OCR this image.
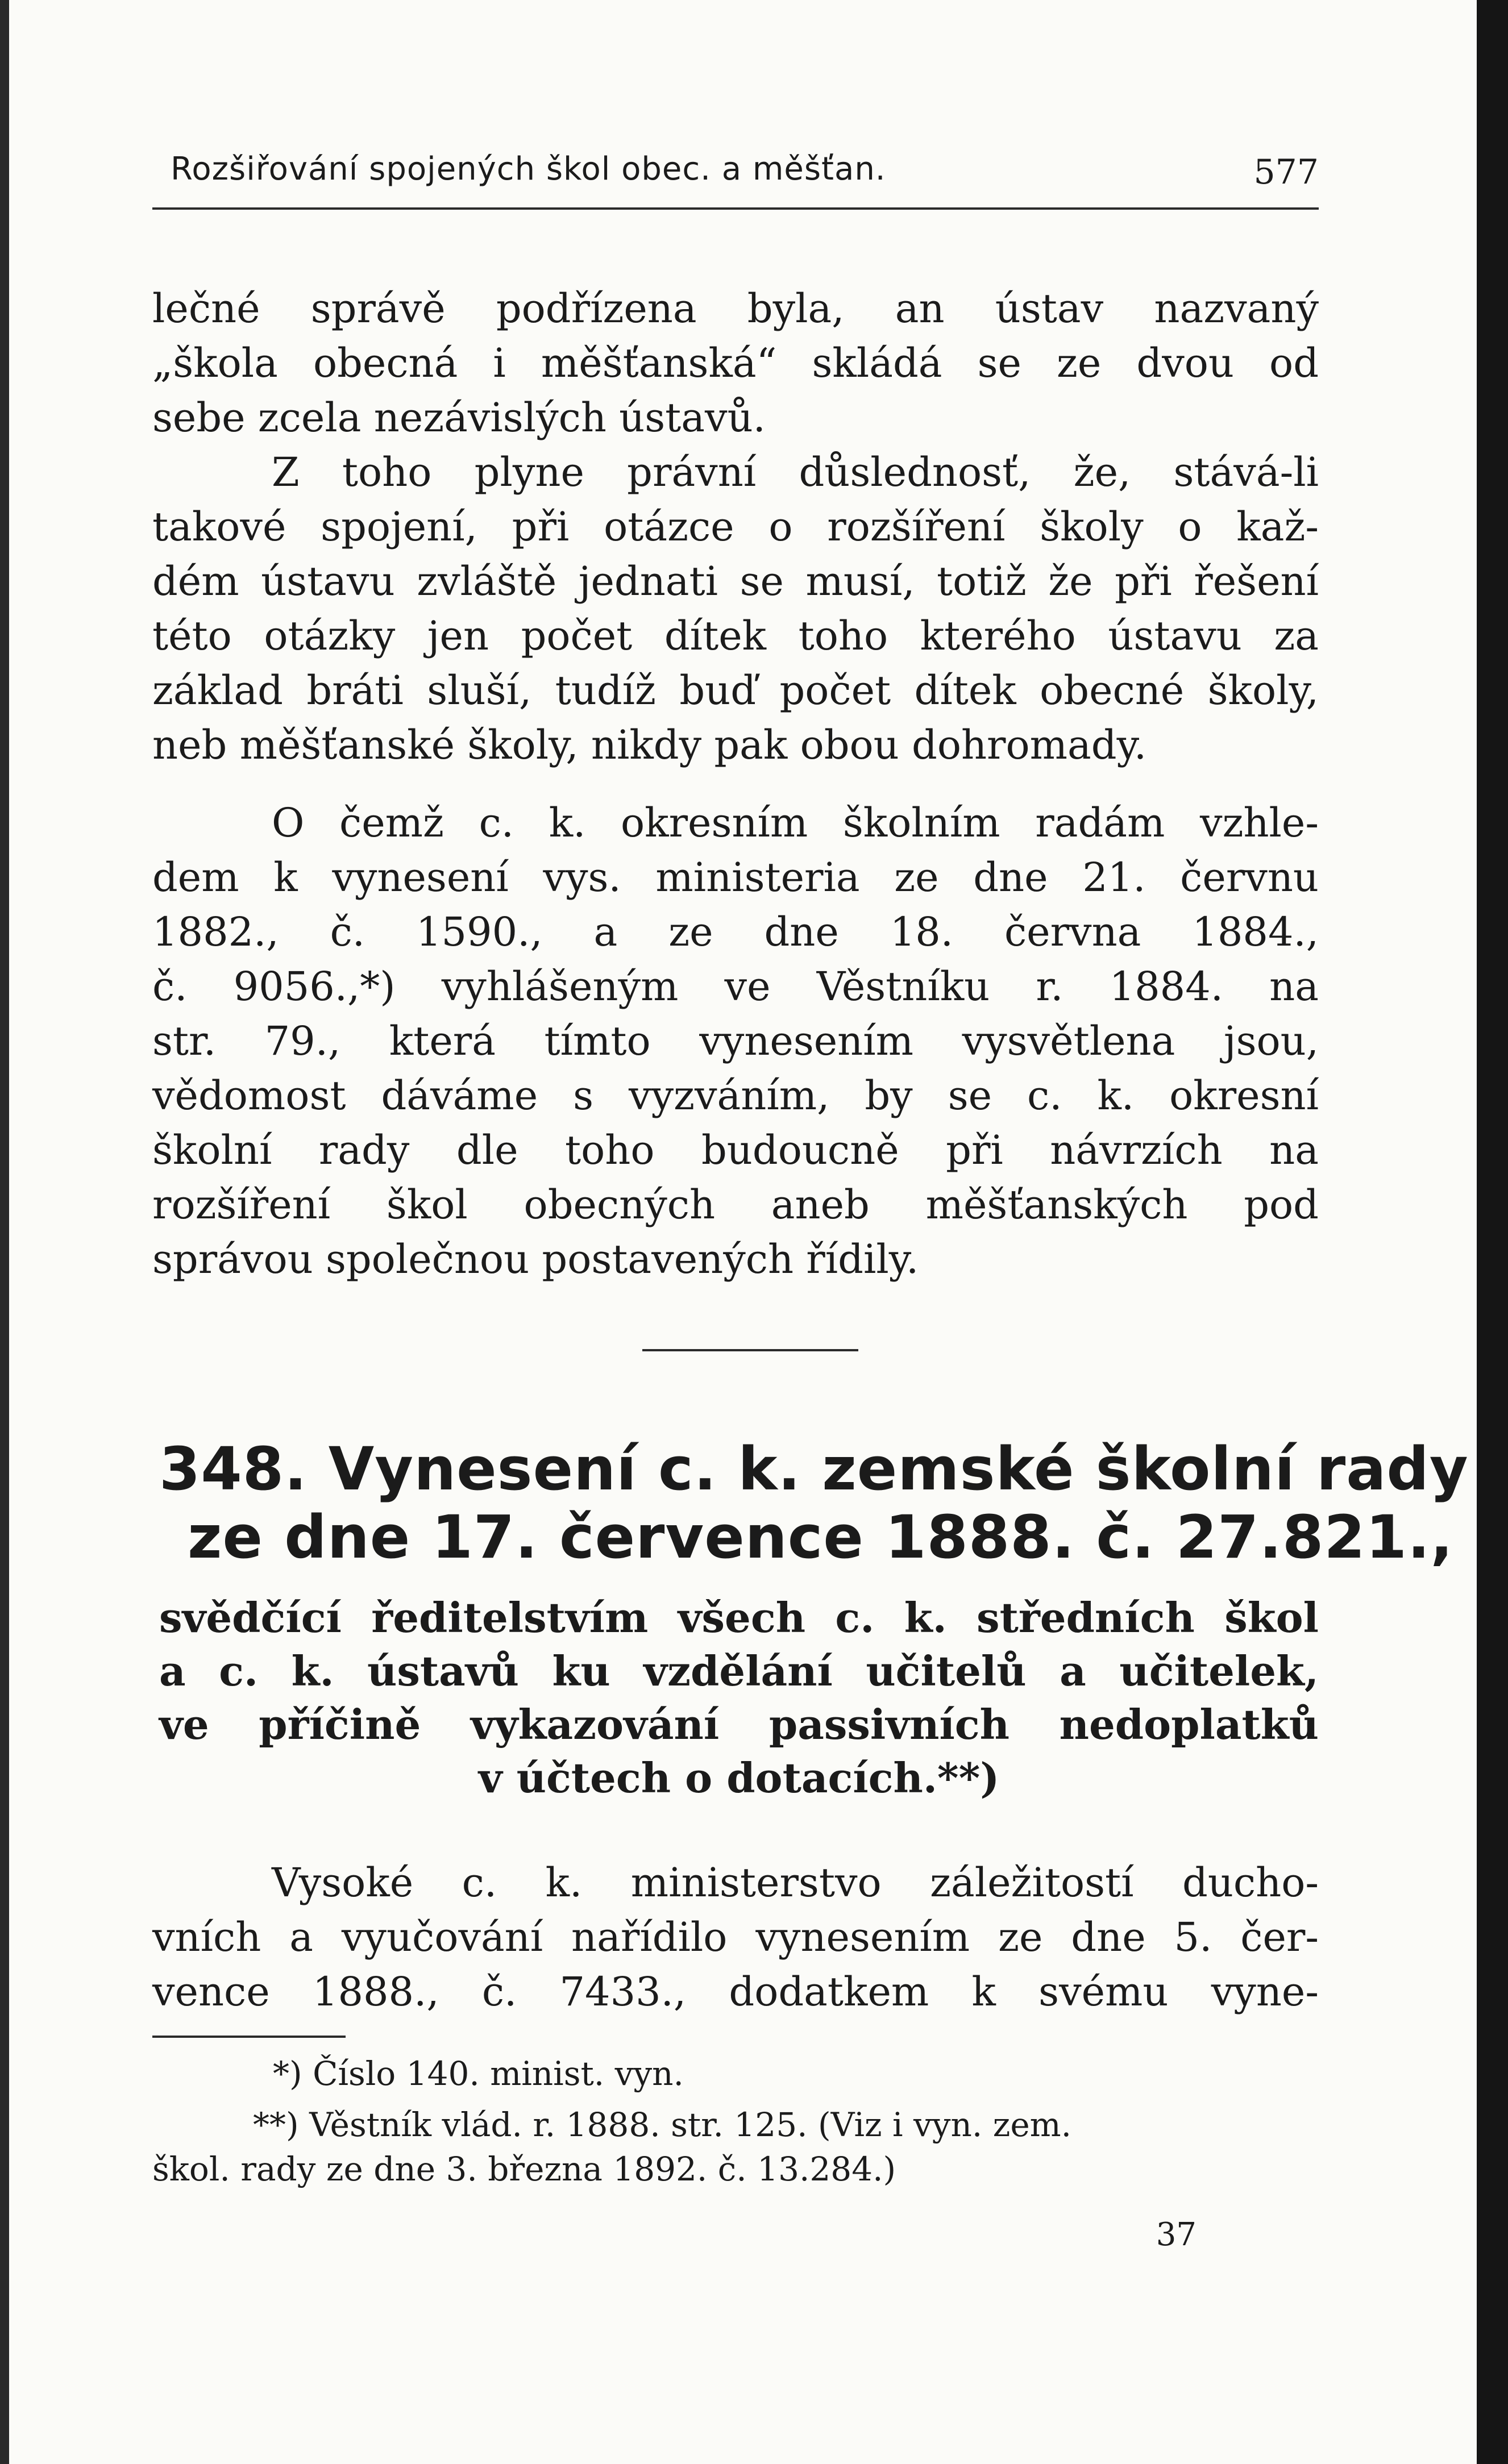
Rozšiřování spojených škol obec. a měšťan.	577
lečné správě podřízena byla, an ústav nazvaný
„škola obecná i měšťanská“ skládá se ze dvou od
sebe zcela nezávislých ústavů.
Z toho plyne právní důslednosť, že, stává-li
takové spojení, při otázce o rozšíření školy o kaž-
dém ústavu zvláště jednati se musí, totiž že při řešení
této otázky jen počet dítek toho kterého ústavu za
základ bráti sluší, tudíž buď počet dítek obecné školy,
neb měšťanské školy, nikdy pak obou dohromady.
O čemž c. k. okresním školním radám vzhle-
dem k vynesení vys. ministeria ze dne 21. červnu
1882., č. 1590., a ze dne 18. června 1884.,
č. 9056.,*) vyhlášeným ve Věstníku r. 1884. na
str. 79., která tímto vynesením vysvětlena jsou,
vědomost dáváme s vyzváním, by se c. k. okresní
školní rady dle toho budoucně při návrzích na
rozšíření škol obecných aneb měšťanských pod
správou společnou postavených řídily.
348. Vynesení c. k. zemské školní rady
ze dne 17. července 1888. č. 27.821.,
svědčící ředitelstvím všech c. k. středních škol
a c. k. ústavů ku vzdělání učitelů a učitelek,
ve příčině vykazování passivních nedoplatků
v účtech o dotacích.**)
Vysoké c. k. ministerstvo záležitostí ducho-
vních a vyučování nařídilo vynesením ze dne 5. čer-
vence 1888., č. 7433., dodatkem k svému vyne-
*) Číslo 140. minist. vyn.
**) Věstník vlád. r. 1888. str. 125. (Viz i vyn. zem.
škol. rady ze dne 3. března 1892. č. 13.284.)
37
